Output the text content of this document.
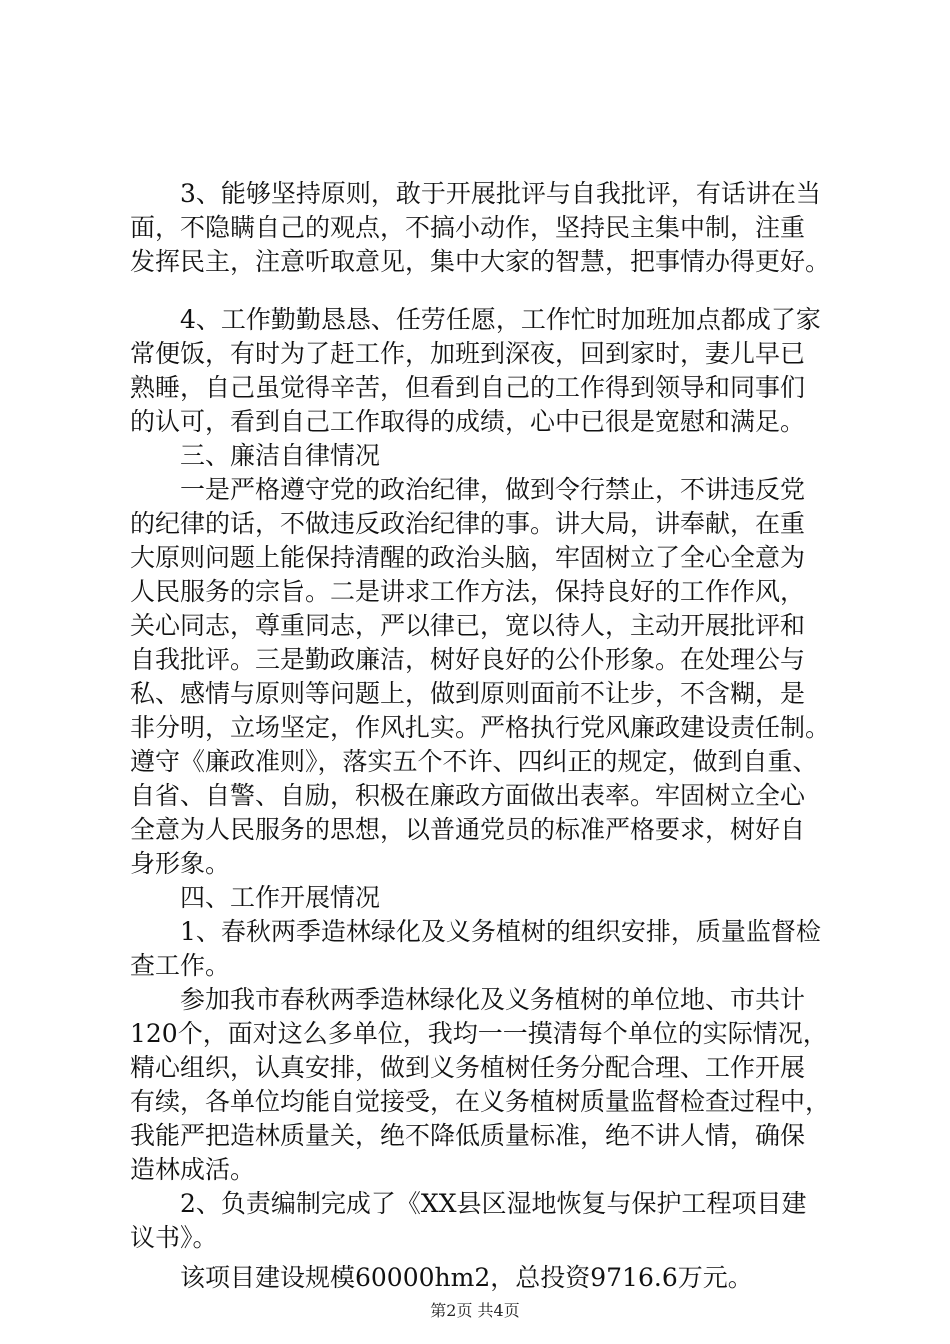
　　3、能够坚持原则，敢于开展批评与自我批评，有话讲在当
面，不隐瞒自己的观点，不搞小动作，坚持民主集中制，注重
发挥民主，注意听取意见，集中大家的智慧，把事情办得更好。
　　4、工作勤勤恳恳、任劳任愿，工作忙时加班加点都成了家
常便饭，有时为了赶工作，加班到深夜，回到家时，妻儿早已
熟睡，自己虽觉得辛苦，但看到自己的工作得到领导和同事们
的认可，看到自己工作取得的成绩，心中已很是宽慰和满足。
　　三、廉洁自律情况
　　一是严格遵守党的政治纪律，做到令行禁止，不讲违反党
的纪律的话，不做违反政治纪律的事。讲大局，讲奉献，在重
大原则问题上能保持清醒的政治头脑，牢固树立了全心全意为
人民服务的宗旨。二是讲求工作方法，保持良好的工作作风，
关心同志，尊重同志，严以律已，宽以待人，主动开展批评和
自我批评。三是勤政廉洁，树好良好的公仆形象。在处理公与
私、感情与原则等问题上，做到原则面前不让步，不含糊，是
非分明，立场坚定，作风扎实。严格执行党风廉政建设责任制。
遵守《廉政准则》，落实五个不许、四纠正的规定，做到自重、
自省、自警、自励，积极在廉政方面做出表率。牢固树立全心
全意为人民服务的思想，以普通党员的标准严格要求，树好自
身形象。
　　四、工作开展情况
　　1、春秋两季造林绿化及义务植树的组织安排，质量监督检
查工作。
　　参加我市春秋两季造林绿化及义务植树的单位地、市共计
120个，面对这么多单位，我均一一摸清每个单位的实际情况，
精心组织，认真安排，做到义务植树任务分配合理、工作开展
有续，各单位均能自觉接受，在义务植树质量监督检查过程中，
我能严把造林质量关，绝不降低质量标准，绝不讲人情，确保
造林成活。
　　2、负责编制完成了《XX县区湿地恢复与保护工程项目建
议书》。
　　该项目建设规模60000hm2，总投资9716.6万元。
第2页 共4页
